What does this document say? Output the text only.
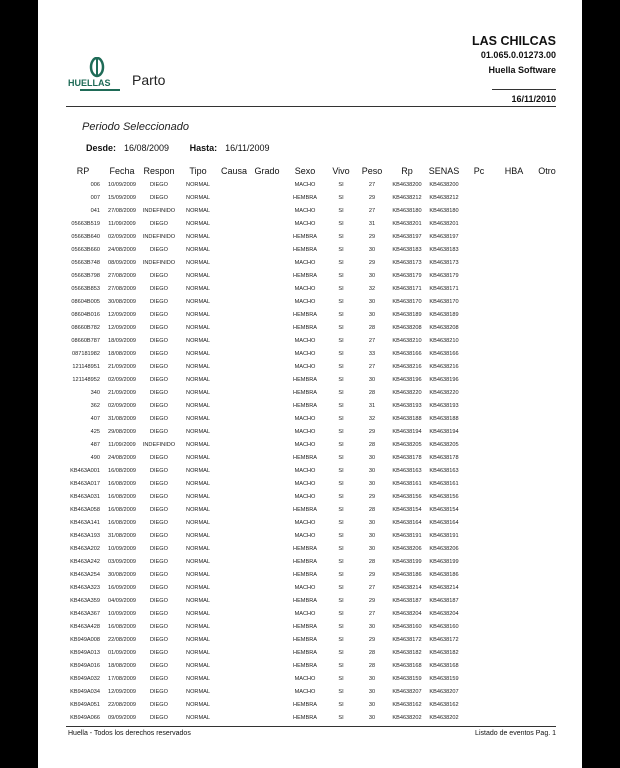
HUELLAS Parto
LAS CHILCAS
01.065.0.01273.00
Huella Software
16/11/2010
Periodo Seleccionado
Desde: 16/08/2009 Hasta: 16/11/2009
RP	Fecha	Respon	Tipo	Causa	Grado	Sexo	Vivo	Peso	Rp	SENAS	Pc	HBA	Otro
006	10/09/2009	DIEGO	NORMAL			MACHO	SI	27	KB4638200	KB4638200			
007	15/09/2009	DIEGO	NORMAL			HEMBRA	SI	29	KB4638212	KB4638212			
041	27/08/2009	INDEFINIDO	NORMAL			MACHO	SI	27	KB4638180	KB4638180			
05663B519	11/09/2009	DIEGO	NORMAL			MACHO	SI	31	KB4638201	KB4638201			
05663B640	02/09/2009	INDEFINIDO	NORMAL			HEMBRA	SI	29	KB4638197	KB4638197			
05663B660	24/08/2009	DIEGO	NORMAL			HEMBRA	SI	30	KB4638183	KB4638183			
05663B748	08/09/2009	INDEFINIDO	NORMAL			MACHO	SI	29	KB4638173	KB4638173			
05663B798	27/08/2009	DIEGO	NORMAL			HEMBRA	SI	30	KB4638179	KB4638179			
05663B853	27/08/2009	DIEGO	NORMAL			MACHO	SI	32	KB4638171	KB4638171			
08604B005	30/08/2009	DIEGO	NORMAL			MACHO	SI	30	KB4638170	KB4638170			
08604B016	12/09/2009	DIEGO	NORMAL			HEMBRA	SI	30	KB4638189	KB4638189			
08660B782	12/09/2009	DIEGO	NORMAL			HEMBRA	SI	28	KB4638208	KB4638208			
08660B787	18/09/2009	DIEGO	NORMAL			MACHO	SI	27	KB4638210	KB4638210			
087181982	18/08/2009	DIEGO	NORMAL			MACHO	SI	33	KB4638166	KB4638166			
121148951	21/09/2009	DIEGO	NORMAL			MACHO	SI	27	KB4638216	KB4638216			
121148952	02/09/2009	DIEGO	NORMAL			HEMBRA	SI	30	KB4638196	KB4638196			
340	21/09/2009	DIEGO	NORMAL			HEMBRA	SI	28	KB4638220	KB4638220			
362	02/09/2009	DIEGO	NORMAL			HEMBRA	SI	31	KB4638193	KB4638193			
407	31/08/2009	DIEGO	NORMAL			MACHO	SI	32	KB4638188	KB4638188			
425	29/08/2009	DIEGO	NORMAL			MACHO	SI	29	KB4638194	KB4638194			
487	11/09/2009	INDEFINIDO	NORMAL			MACHO	SI	28	KB4638205	KB4638205			
490	24/08/2009	DIEGO	NORMAL			HEMBRA	SI	30	KB4638178	KB4638178			
KB463A001	16/08/2009	DIEGO	NORMAL			MACHO	SI	30	KB4638163	KB4638163			
KB463A017	16/08/2009	DIEGO	NORMAL			MACHO	SI	30	KB4638161	KB4638161			
KB463A031	16/08/2009	DIEGO	NORMAL			MACHO	SI	29	KB4638156	KB4638156			
KB463A058	16/08/2009	DIEGO	NORMAL			HEMBRA	SI	28	KB4638154	KB4638154			
KB463A141	16/08/2009	DIEGO	NORMAL			MACHO	SI	30	KB4638164	KB4638164			
KB463A193	31/08/2009	DIEGO	NORMAL			MACHO	SI	30	KB4638191	KB4638191			
KB463A202	10/09/2009	DIEGO	NORMAL			HEMBRA	SI	30	KB4638206	KB4638206			
KB463A242	03/09/2009	DIEGO	NORMAL			HEMBRA	SI	28	KB4638199	KB4638199			
KB463A254	30/08/2009	DIEGO	NORMAL			HEMBRA	SI	29	KB4638186	KB4638186			
KB463A323	16/09/2009	DIEGO	NORMAL			MACHO	SI	27	KB4638214	KB4638214			
KB463A359	04/09/2009	DIEGO	NORMAL			HEMBRA	SI	29	KB4638187	KB4638187			
KB463A367	10/09/2009	DIEGO	NORMAL			MACHO	SI	27	KB4638204	KB4638204			
KB463A428	16/08/2009	DIEGO	NORMAL			HEMBRA	SI	30	KB4638160	KB4638160			
KB949A008	22/08/2009	DIEGO	NORMAL			HEMBRA	SI	29	KB4638172	KB4638172			
KB949A013	01/09/2009	DIEGO	NORMAL			HEMBRA	SI	28	KB4638182	KB4638182			
KB949A016	18/08/2009	DIEGO	NORMAL			HEMBRA	SI	28	KB4638168	KB4638168			
KB949A032	17/08/2009	DIEGO	NORMAL			MACHO	SI	30	KB4638159	KB4638159			
KB949A034	12/09/2009	DIEGO	NORMAL			MACHO	SI	30	KB4638207	KB4638207			
KB949A051	22/08/2009	DIEGO	NORMAL			HEMBRA	SI	30	KB4638162	KB4638162			
KB949A066	09/09/2009	DIEGO	NORMAL			HEMBRA	SI	30	KB4638202	KB4638202			
Huella - Todos los derechos reservados	Listado de eventos Pag. 1
